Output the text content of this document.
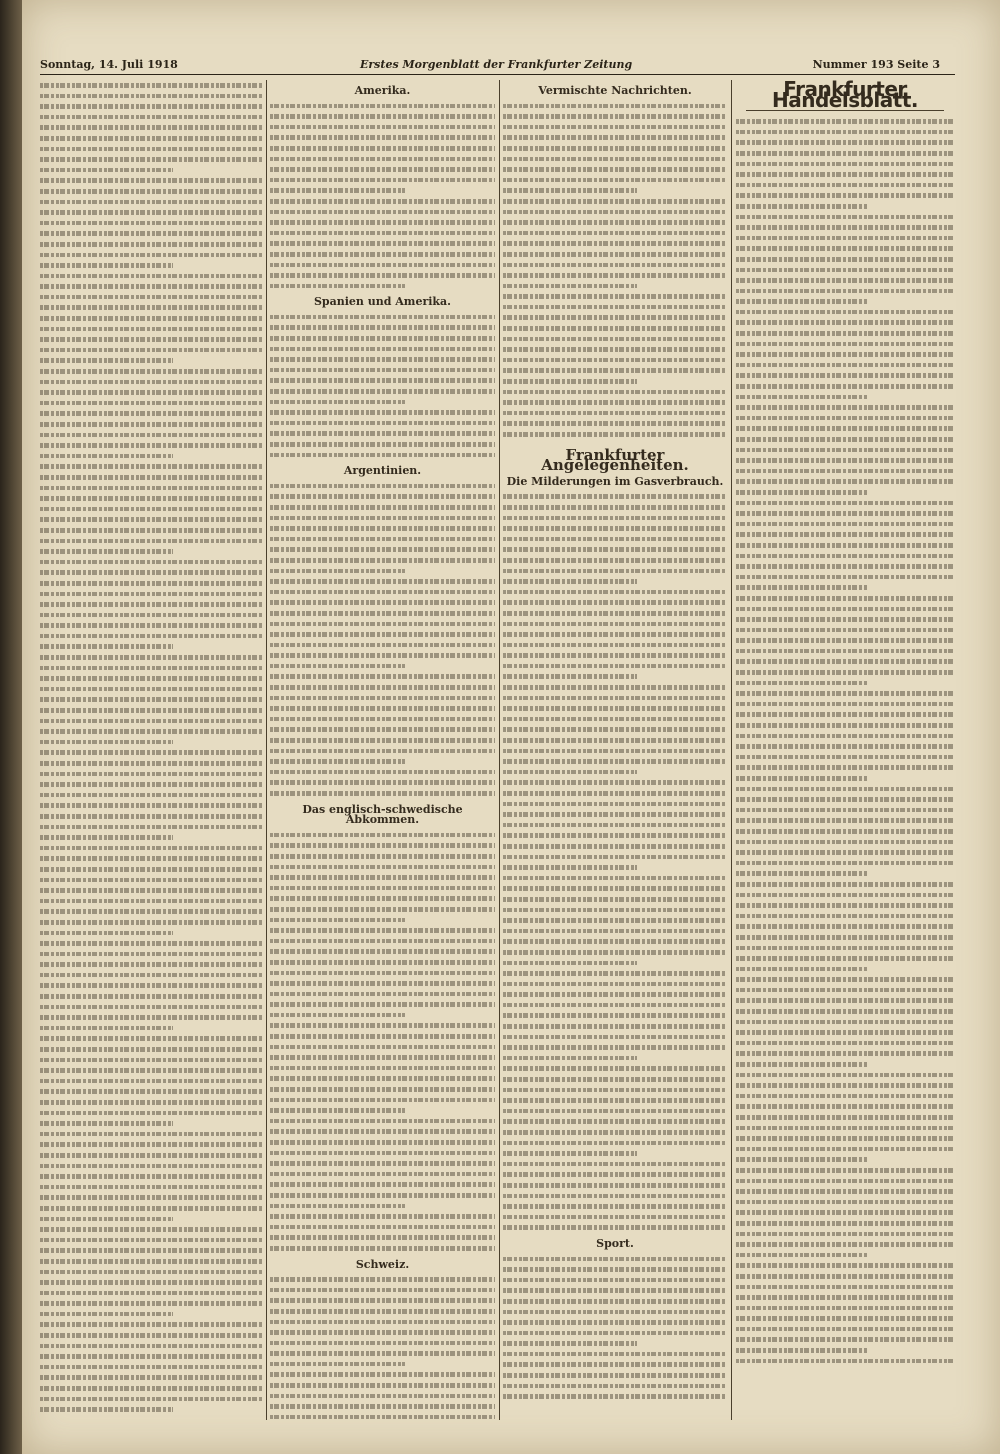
Sonntag, 14. Juli 1918	Erstes Morgenblatt der Frankfurter Zeitung	Nummer 193 Seite 3
Amerika.
Spanien und Amerika.
Argentinien.
Das englisch-schwedische Abkommen.
Schweiz.
Vermischte Nachrichten.
Frankfurter Angelegenheiten.
Die Milderungen im Gasverbrauch.
Sport.
Frankfurter Handelsblatt.
